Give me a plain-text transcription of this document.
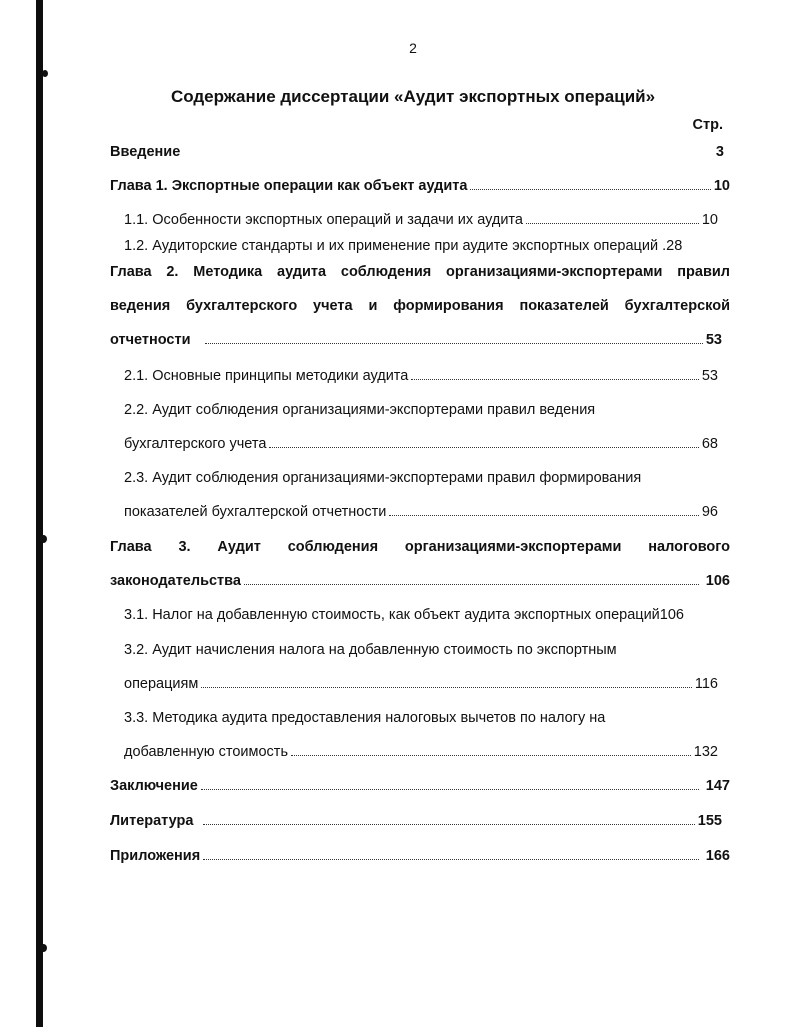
2
Содержание диссертации «Аудит экспортных операций»
Стр.
Введение	3
Глава 1. Экспортные операции как объект аудита	10
1.1. Особенности экспортных операций и задачи их аудита	10
1.2. Аудиторские стандарты и их применение при аудите экспортных операций . 28
Глава 2. Методика аудита соблюдения организациями-экспортерами правил
ведения бухгалтерского учета и формирования показателей бухгалтерской
отчетности	53
2.1. Основные принципы методики аудита	53
2.2. Аудит соблюдения организациями-экспортерами правил ведения
бухгалтерского учета	68
2.3. Аудит соблюдения организациями-экспортерами правил формирования
показателей бухгалтерской отчетности	96
Глава 3. Аудит соблюдения организациями-экспортерами налогового
законодательства	106
3.1. Налог на добавленную стоимость, как объект аудита экспортных операций 106
3.2. Аудит начисления налога на добавленную стоимость по экспортным
операциям	116
3.3. Методика аудита предоставления налоговых вычетов по налогу на
добавленную стоимость	132
Заключение	147
Литература	155
Приложения	166
